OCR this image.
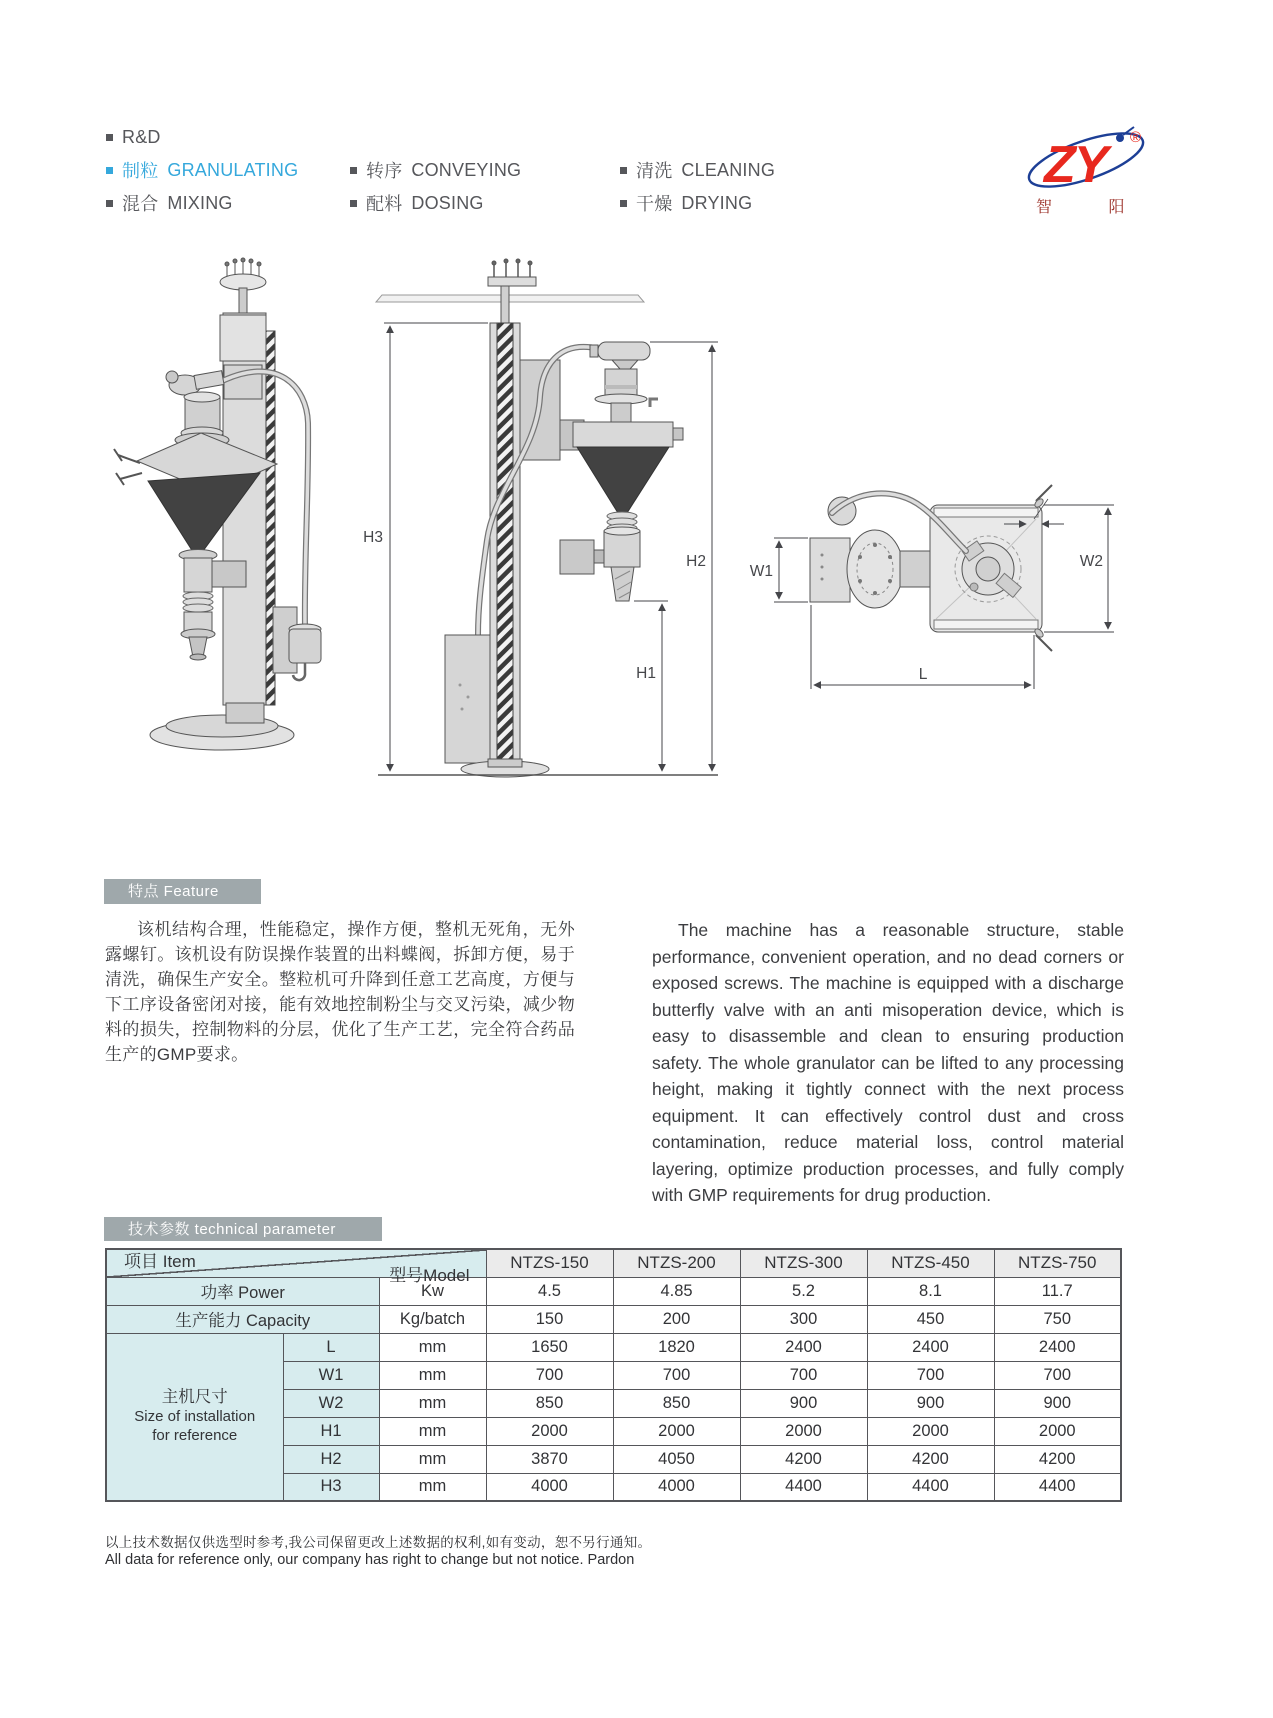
R&D
制粒 GRANULATING
混合 MIXING
转序 CONVEYING
配料 DOSING
清洗 CLEANING
干燥 DRYING
ZY	®
智 阳
H3
H2
H1
W1
W2
L
特点 Feature

该机结构合理，性能稳定，操作方便，整机无死角，无外露螺钉。该机设有防误操作装置的出料蝶阀，拆卸方便，易于清洗，确保生产安全。整粒机可升降到任意工艺高度，方便与下工序设备密闭对接，能有效地控制粉尘与交叉污染，减少物料的损失，控制物料的分层，优化了生产工艺，完全符合药品生产的GMP要求。

The machine has a reasonable structure, stable performance, convenient operation, and no dead corners or exposed screws. The machine is equipped with a discharge butterfly valve with an anti misoperation device, which is easy to disassemble and clean to ensuring production safety. The whole granulator can be lifted to any processing height, making it tightly connect with the next process equipment. It can effectively control dust and cross contamination, reduce material loss, control material layering, optimize production processes, and fully comply with GMP requirements for drug production.

技术参数 technical parameter
项目 Item
型号Model			NTZS-150	NTZS-200	NTZS-300	NTZS-450	NTZS-750
功率 Power		Kw	4.5	4.85	5.2	8.1	11.7
生产能力 Capacity		Kg/batch	150	200	300	450	750

主机尺寸
Size of installation
for reference	L	mm	1650	1820	2400	2400	2400
	W1	mm	700	700	700	700	700
	W2	mm	850	850	900	900	900
	H1	mm	2000	2000	2000	2000	2000
	H2	mm	3870	4050	4200	4200	4200
	H3	mm	4000	4000	4400	4400	4400
以上技术数据仅供选型时参考,我公司保留更改上述数据的权利,如有变动，恕不另行通知。
All data for reference only, our company has right to change but not notice. Pardon
